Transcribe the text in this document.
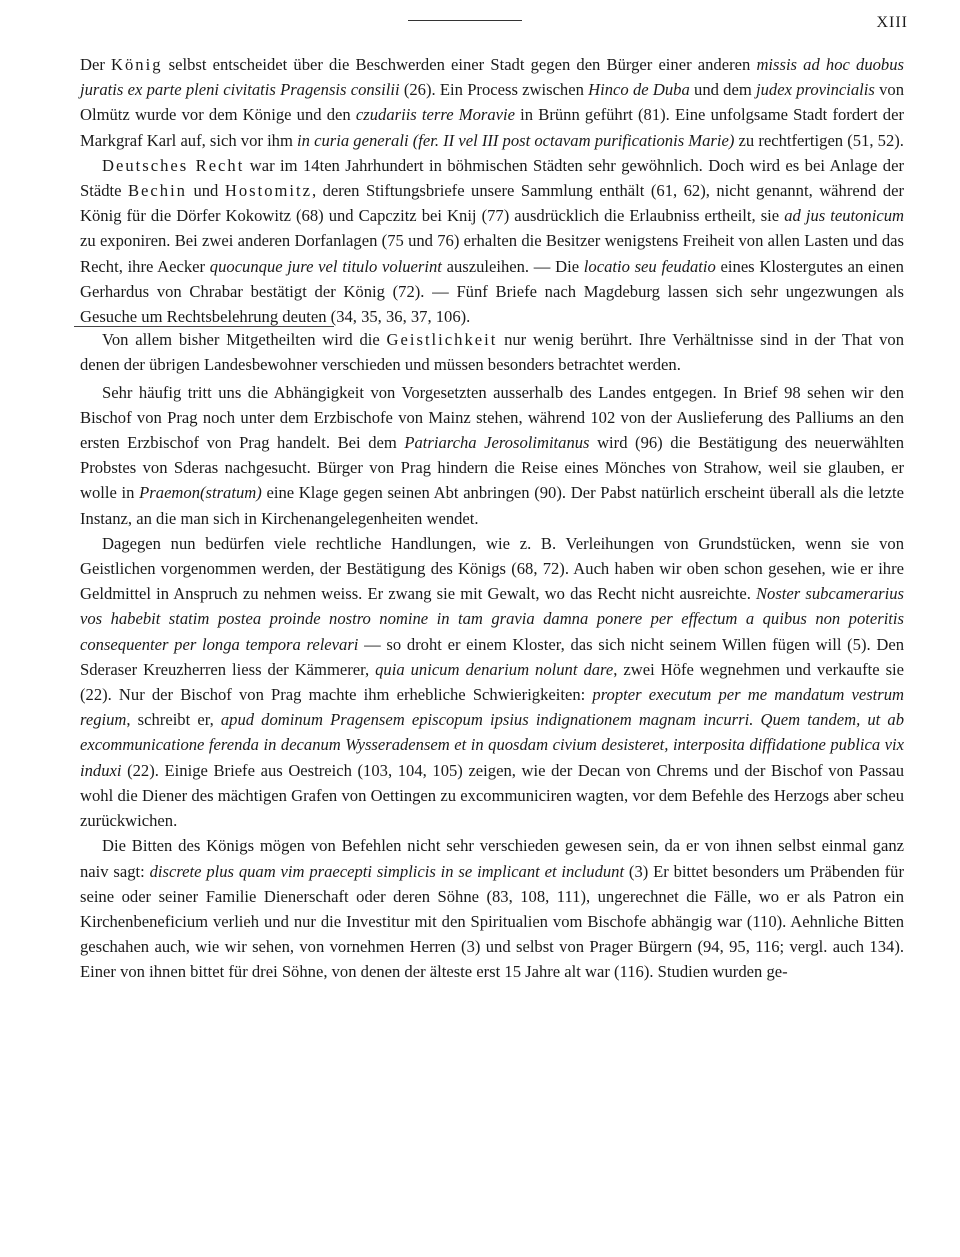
XIII

Der König selbst entscheidet über die Beschwerden einer Stadt gegen den Bürger einer anderen missis ad hoc duobus juratis ex parte pleni civitatis Pragensis consilii (26). Ein Process zwischen Hinco de Duba und dem judex provincialis von Olmütz wurde vor dem Könige und den czudariis terre Moravie in Brünn geführt (81). Eine unfolgsame Stadt fordert der Markgraf Karl auf, sich vor ihm in curia generali (fer. II vel III post octavam purificationis Marie) zu rechtfertigen (51, 52).

Deutsches Recht war im 14ten Jahrhundert in böhmischen Städten sehr gewöhnlich. Doch wird es bei Anlage der Städte Bechin und Hostomitz, deren Stiftungsbriefe unsere Sammlung enthält (61, 62), nicht genannt, während der König für die Dörfer Kokowitz (68) und Capczitz bei Knij (77) ausdrücklich die Erlaubniss ertheilt, sie ad jus teutonicum zu exponiren. Bei zwei anderen Dorfanlagen (75 und 76) erhalten die Besitzer wenigstens Freiheit von allen Lasten und das Recht, ihre Aecker quocunque jure vel titulo voluerint auszuleihen. — Die locatio seu feudatio eines Klostergutes an einen Gerhardus von Chrabar bestätigt der König (72). — Fünf Briefe nach Magdeburg lassen sich sehr ungezwungen als Gesuche um Rechtsbelehrung deuten (34, 35, 36, 37, 106).

Von allem bisher Mitgetheilten wird die Geistlichkeit nur wenig berührt. Ihre Verhältnisse sind in der That von denen der übrigen Landesbewohner verschieden und müssen besonders betrachtet werden.

Sehr häufig tritt uns die Abhängigkeit von Vorgesetzten ausserhalb des Landes entgegen. In Brief 98 sehen wir den Bischof von Prag noch unter dem Erzbischofe von Mainz stehen, während 102 von der Auslieferung des Palliums an den ersten Erzbischof von Prag handelt. Bei dem Patriarcha Jerosolimitanus wird (96) die Bestätigung des neuerwählten Probstes von Sderas nachgesucht. Bürger von Prag hindern die Reise eines Mönches von Strahow, weil sie glauben, er wolle in Praemon(stratum) eine Klage gegen seinen Abt anbringen (90). Der Pabst natürlich erscheint überall als die letzte Instanz, an die man sich in Kirchenangelegenheiten wendet.

Dagegen nun bedürfen viele rechtliche Handlungen, wie z. B. Verleihungen von Grundstücken, wenn sie von Geistlichen vorgenommen werden, der Bestätigung des Königs (68, 72). Auch haben wir oben schon gesehen, wie er ihre Geldmittel in Anspruch zu nehmen weiss. Er zwang sie mit Gewalt, wo das Recht nicht ausreichte. Noster subcamerarius vos habebit statim postea proinde nostro nomine in tam gravia damna ponere per effectum a quibus non poteritis consequenter per longa tempora relevari — so droht er einem Kloster, das sich nicht seinem Willen fügen will (5). Den Sderaser Kreuzherren liess der Kämmerer, quia unicum denarium nolunt dare, zwei Höfe wegnehmen und verkaufte sie (22). Nur der Bischof von Prag machte ihm erhebliche Schwierigkeiten: propter executum per me mandatum vestrum regium, schreibt er, apud dominum Pragensem episcopum ipsius indignationem magnam incurri. Quem tandem, ut ab excommunicatione ferenda in decanum Wysseradensem et in quosdam civium desisteret, interposita diffidatione publica vix induxi (22). Einige Briefe aus Oestreich (103, 104, 105) zeigen, wie der Decan von Chrems und der Bischof von Passau wohl die Diener des mächtigen Grafen von Oettingen zu excommuniciren wagten, vor dem Befehle des Herzogs aber scheu zurückwichen.

Die Bitten des Königs mögen von Befehlen nicht sehr verschieden gewesen sein, da er von ihnen selbst einmal ganz naiv sagt: discrete plus quam vim praecepti simplicis in se implicant et includunt (3) Er bittet besonders um Präbenden für seine oder seiner Familie Dienerschaft oder deren Söhne (83, 108, 111), ungerechnet die Fälle, wo er als Patron ein Kirchenbeneficium verlieh und nur die Investitur mit den Spiritualien vom Bischofe abhängig war (110). Aehnliche Bitten geschahen auch, wie wir sehen, von vornehmen Herren (3) und selbst von Prager Bürgern (94, 95, 116; vergl. auch 134). Einer von ihnen bittet für drei Söhne, von denen der älteste erst 15 Jahre alt war (116). Studien wurden ge-
